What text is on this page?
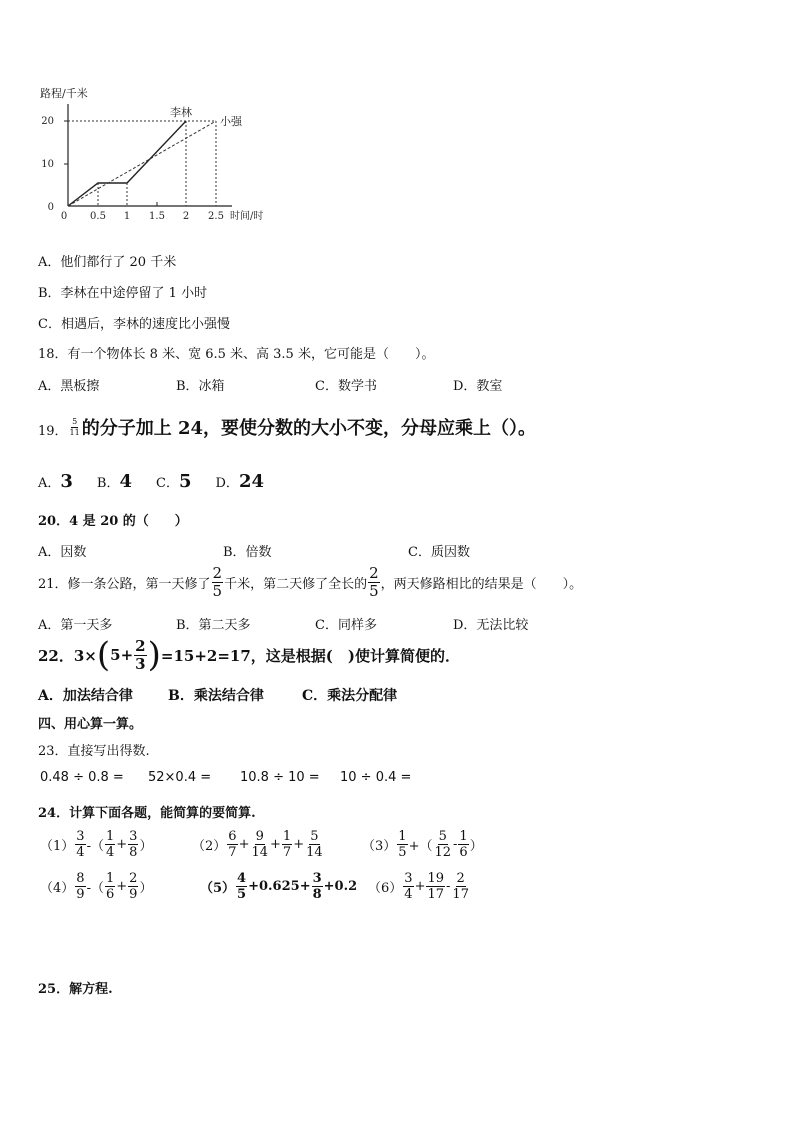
路程/千米
20
10
0
0 0.5 1 1.5 2 2.5 时间/时
李林
小强
A．他们都行了 20 千米
B．李林在中途停留了 1 小时
C．相遇后，李林的速度比小强慢
18．有一个物体长 8 米、宽 6.5 米、高 3.5 米，它可能是（　　）。
A．黑板擦	B．冰箱	C．数学书	D．教室
19． $\frac{5}{11}$ 的分子加上 24，要使分数的大小不变，分母应乘上（）。
A． 3 B． 4 C． 5 D． 24
20．4 是 20 的（　　）
A．因数	B．倍数	C．质因数
21．修一条公路，第一天修了 $\frac{2}{5}$ 千米，第二天修了全长的 $\frac{2}{5}$ ，两天修路相比的结果是（　　）。
A．第一天多	B．第二天多	C．同样多	D．无法比较
22．3× ( $5+ \frac{2}{3}$ ) =15+2=17，这是根据(　)使计算简便的．
A．加法结合律	B．乘法结合律	C．乘法分配律
四、用心算一算。
23．直接写出得数.
0.48 ÷ 0.8 = 52×0.4 = 10.8 ÷ 10 = 10 ÷ 0.4 =
24．计算下面各题，能简算的要简算.
$(1) \frac{3}{4}$ -（ $\frac{1}{4} + \frac{3}{8}$ ）	$(2) \frac{6}{7} + \frac{9}{14} + \frac{1}{7} + \frac{5}{14}$	$(3) \frac{1}{5}$ +（ $\frac{5}{12} - \frac{1}{6}$ ）
$(4) \frac{8}{9}$ -（ $\frac{1}{6} + \frac{2}{9}$ ）	$(5) \frac{4}{5} +0.625+ \frac{3}{8} +0.2$ $(6) \frac{3}{4} + \frac{19}{17} - \frac{2}{17}$
25．解方程.
